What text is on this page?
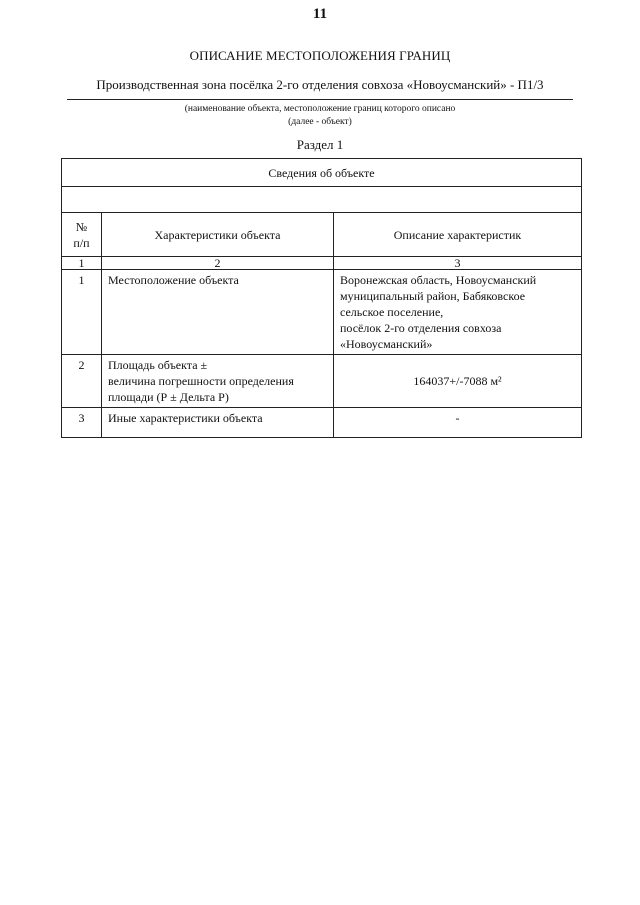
11
ОПИСАНИЕ МЕСТОПОЛОЖЕНИЯ ГРАНИЦ
Производственная зона посёлка 2-го отделения совхоза «Новоусманский» - П1/3
(наименование объекта, местоположение границ которого описано
(далее - объект)
Раздел 1
Сведения об объекте		

№
п/п	Характеристики объекта	Описание характеристик
1	2	3
1	Местоположение объекта	Воронежская область, Новоусманский
муниципальный район, Бабяковское
сельское поселение,
посёлок 2-го отделения совхоза
«Новоусманский»
2	Площадь объекта ±
величина погрешности определения
площади (Р ± Дельта Р)	164037+/-7088 м²
3	Иные характеристики объекта	-
